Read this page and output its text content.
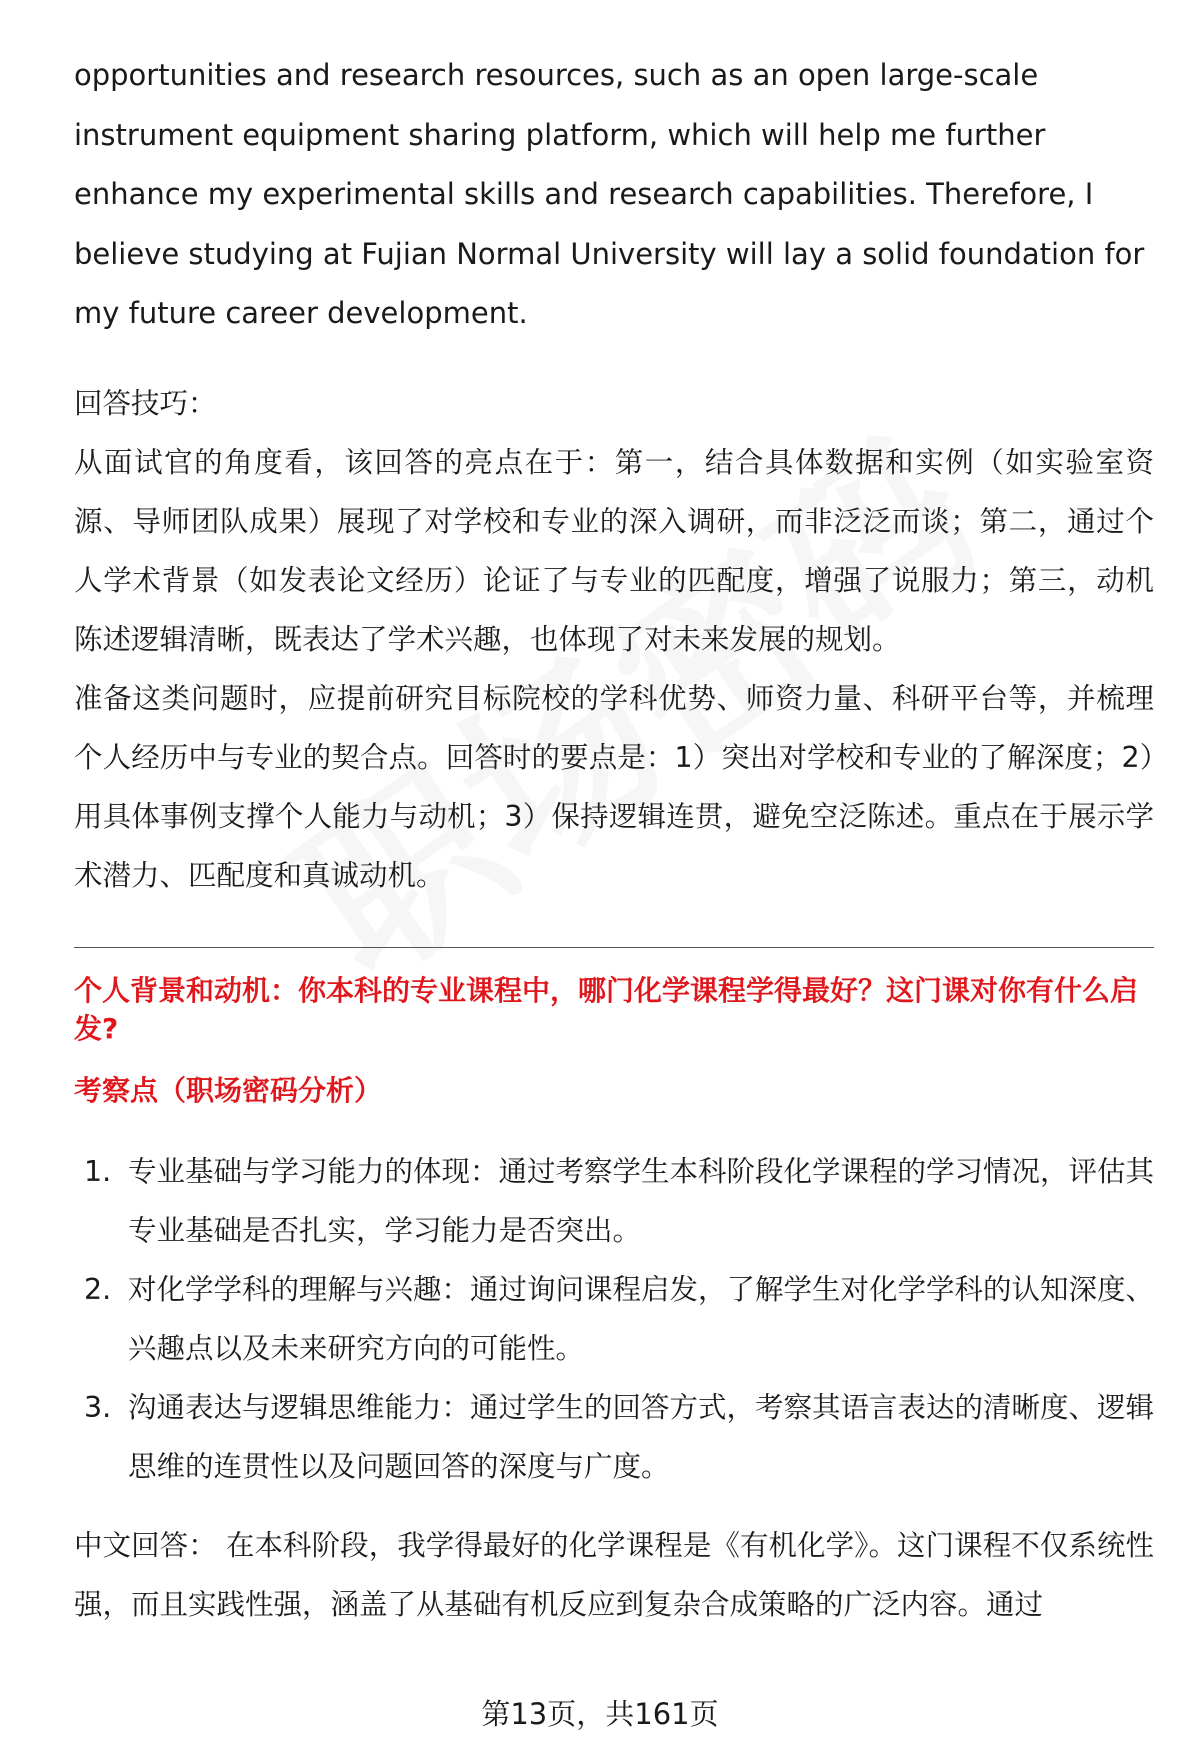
opportunities and research resources, such as an open large-scale instrument equipment sharing platform, which will help me further enhance my experimental skills and research capabilities. Therefore, I believe studying at Fujian Normal University will lay a solid foundation for my future career development.

回答技巧：

从面试官的角度看，该回答的亮点在于：第一，结合具体数据和实例（如实验室资源、导师团队成果）展现了对学校和专业的深入调研，而非泛泛而谈；第二，通过个人学术背景（如发表论文经历）论证了与专业的匹配度，增强了说服力；第三，动机陈述逻辑清晰，既表达了学术兴趣，也体现了对未来发展的规划。

准备这类问题时，应提前研究目标院校的学科优势、师资力量、科研平台等，并梳理个人经历中与专业的契合点。回答时的要点是：1）突出对学校和专业的了解深度；2）用具体事例支撑个人能力与动机；3）保持逻辑连贯，避免空泛陈述。重点在于展示学术潜力、匹配度和真诚动机。

个人背景和动机：你本科的专业课程中，哪门化学课程学得最好？这门课对你有什么启发?

考察点（职场密码分析）

1. 专业基础与学习能力的体现：通过考察学生本科阶段化学课程的学习情况，评估其专业基础是否扎实，学习能力是否突出。
2. 对化学学科的理解与兴趣：通过询问课程启发，了解学生对化学学科的认知深度、兴趣点以及未来研究方向的可能性。
3. 沟通表达与逻辑思维能力：通过学生的回答方式，考察其语言表达的清晰度、逻辑思维的连贯性以及问题回答的深度与广度。

中文回答： 在本科阶段，我学得最好的化学课程是《有机化学》。这门课程不仅系统性强，而且实践性强，涵盖了从基础有机反应到复杂合成策略的广泛内容。通过

第13页，共161页
